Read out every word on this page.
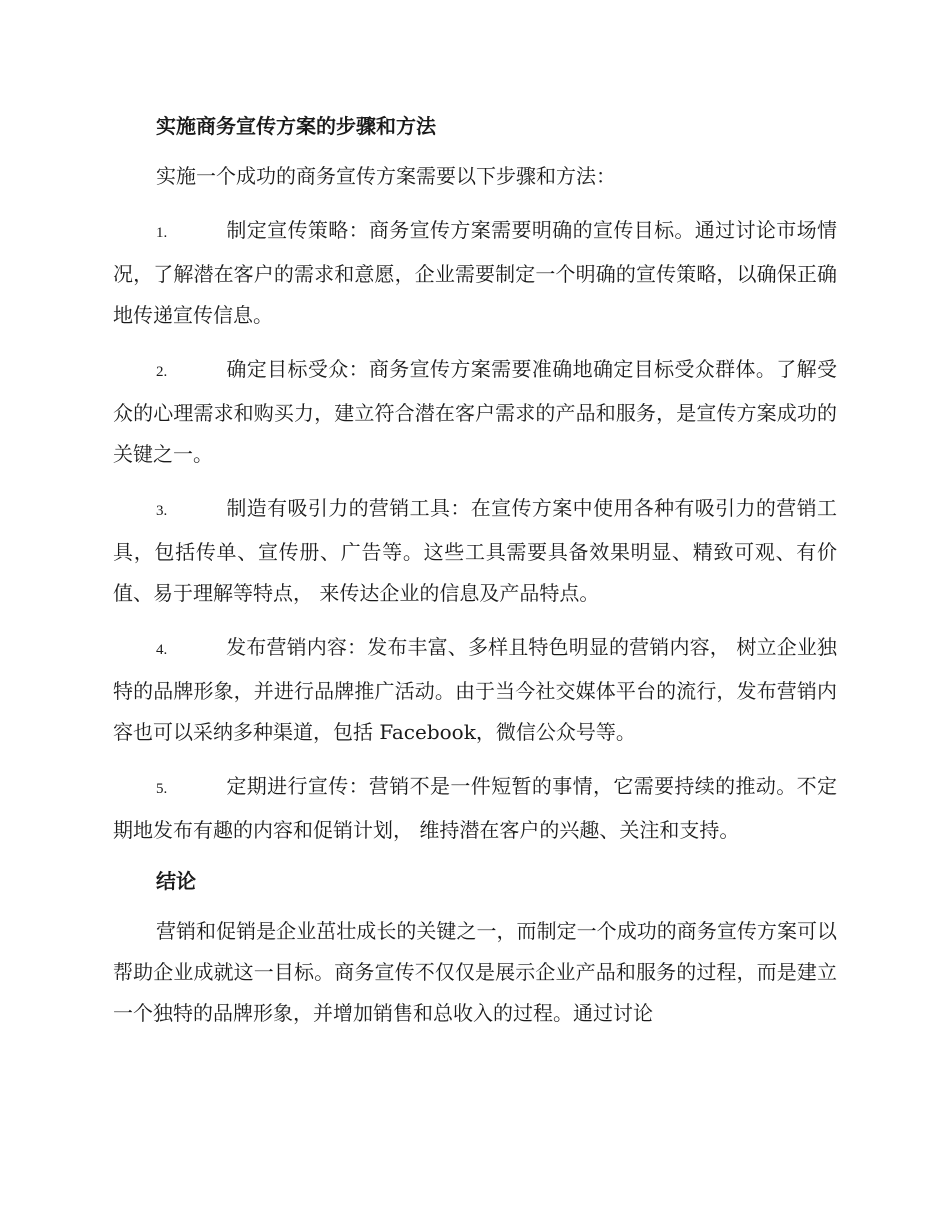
实施商务宣传方案的步骤和方法

实施一个成功的商务宣传方案需要以下步骤和方法：

1.	制定宣传策略：商务宣传方案需要明确的宣传目标。通过讨论市场情况，了解潜在客户的需求和意愿，企业需要制定一个明确的宣传策略，以确保正确地传递宣传信息。

2.	确定目标受众：商务宣传方案需要准确地确定目标受众群体。了解受众的心理需求和购买力，建立符合潜在客户需求的产品和服务，是宣传方案成功的关键之一。

3.	制造有吸引力的营销工具：在宣传方案中使用各种有吸引力的营销工具，包括传单、宣传册、广告等。这些工具需要具备效果明显、精致可观、有价值、易于理解等特点， 来传达企业的信息及产品特点。

4.	发布营销内容：发布丰富、多样且特色明显的营销内容， 树立企业独特的品牌形象，并进行品牌推广活动。由于当今社交媒体平台的流行，发布营销内容也可以采纳多种渠道，包括 Facebook，微信公众号等。

5.	定期进行宣传：营销不是一件短暂的事情，它需要持续的推动。不定期地发布有趣的内容和促销计划， 维持潜在客户的兴趣、关注和支持。

结论

营销和促销是企业茁壮成长的关键之一，而制定一个成功的商务宣传方案可以帮助企业成就这一目标。商务宣传不仅仅是展示企业产品和服务的过程，而是建立一个独特的品牌形象，并增加销售和总收入的过程。通过讨论
